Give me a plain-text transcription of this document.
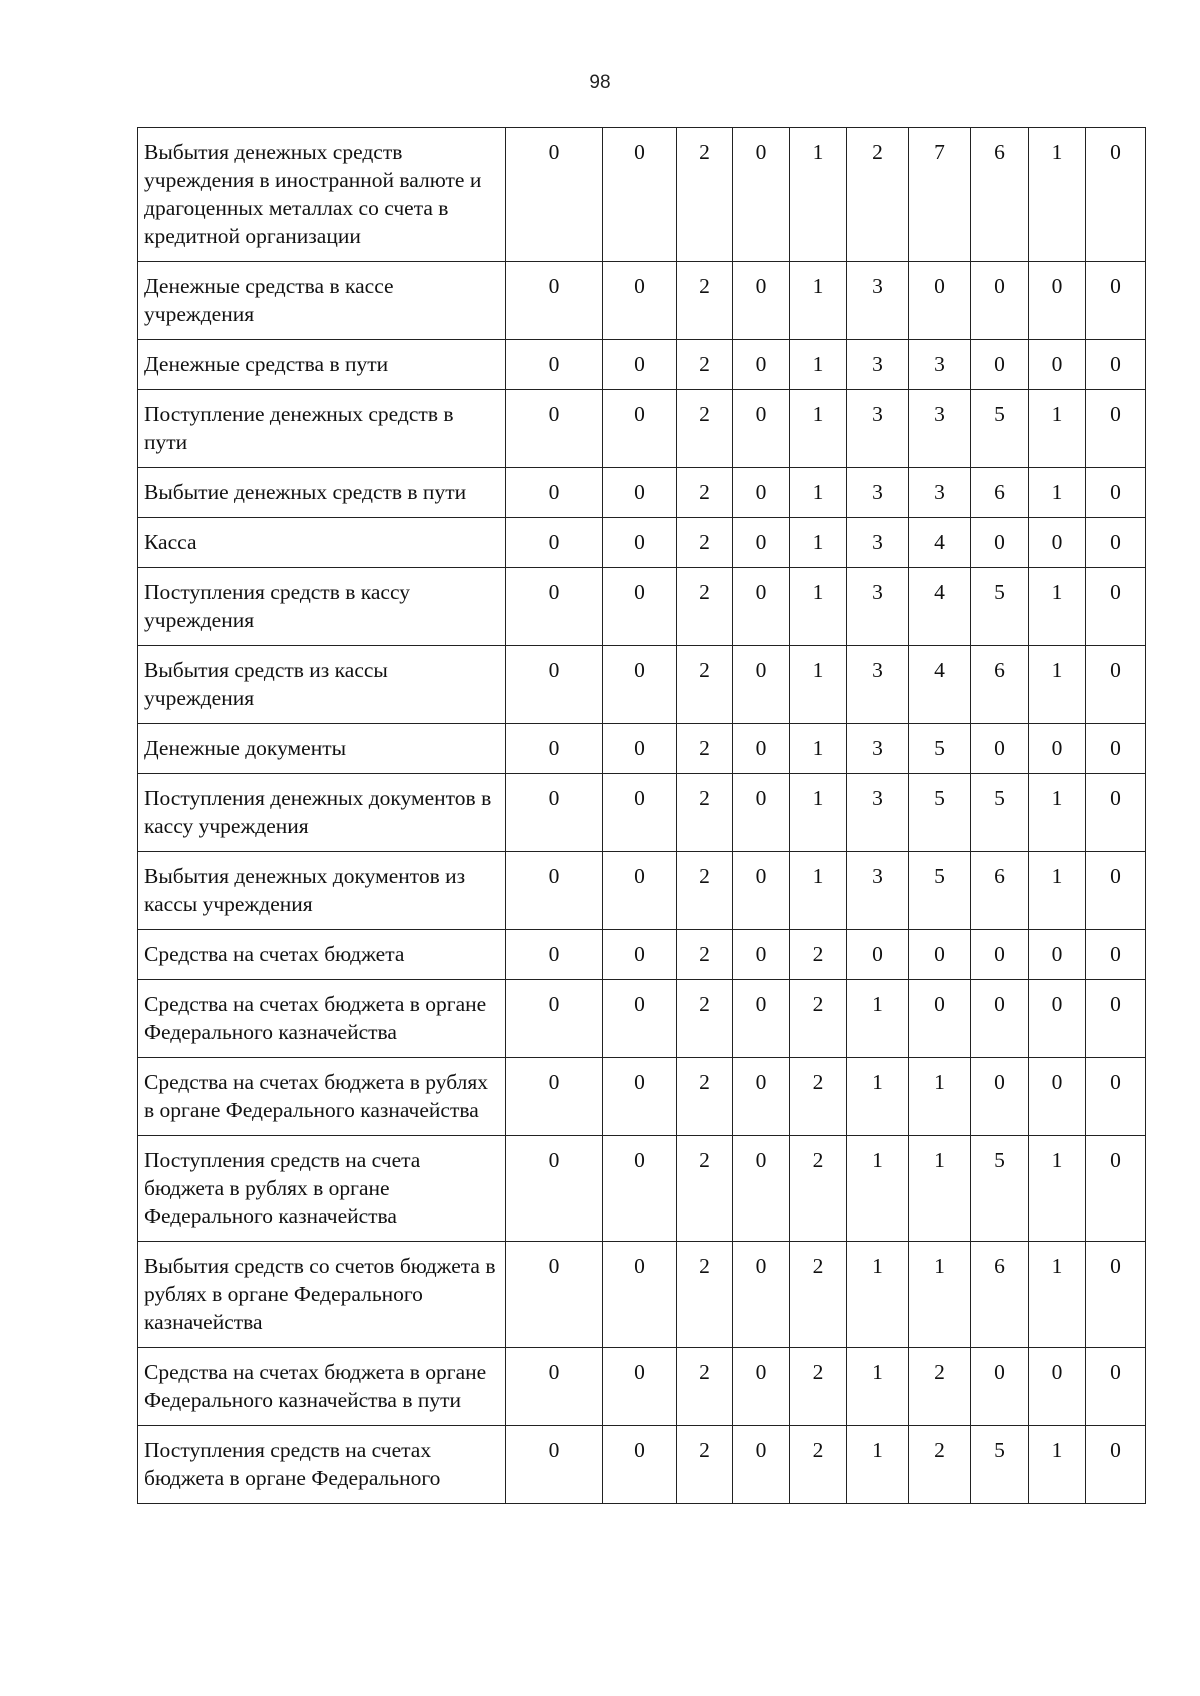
98
Выбытия денежных средств учреждения в иностранной валюте и драгоценных металлах со счета в кредитной организации	0	0	2	0	1	2	7	6	1	0
Денежные средства в кассе учреждения	0	0	2	0	1	3	0	0	0	0
Денежные средства в пути	0	0	2	0	1	3	3	0	0	0
Поступление денежных средств в пути	0	0	2	0	1	3	3	5	1	0
Выбытие денежных средств в пути	0	0	2	0	1	3	3	6	1	0
Касса	0	0	2	0	1	3	4	0	0	0
Поступления средств в кассу учреждения	0	0	2	0	1	3	4	5	1	0
Выбытия средств из кассы учреждения	0	0	2	0	1	3	4	6	1	0
Денежные документы	0	0	2	0	1	3	5	0	0	0
Поступления денежных документов в кассу учреждения	0	0	2	0	1	3	5	5	1	0
Выбытия денежных документов из кассы учреждения	0	0	2	0	1	3	5	6	1	0
Средства на счетах бюджета	0	0	2	0	2	0	0	0	0	0
Средства на счетах бюджета в органе Федерального казначейства	0	0	2	0	2	1	0	0	0	0
Средства на счетах бюджета в рублях в органе Федерального казначейства	0	0	2	0	2	1	1	0	0	0
Поступления средств на счета бюджета в рублях в органе Федерального казначейства	0	0	2	0	2	1	1	5	1	0
Выбытия средств со счетов бюджета в рублях в органе Федерального казначейства	0	0	2	0	2	1	1	6	1	0
Средства на счетах бюджета в органе Федерального казначейства в пути	0	0	2	0	2	1	2	0	0	0
Поступления средств на счетах бюджета в органе Федерального	0	0	2	0	2	1	2	5	1	0
